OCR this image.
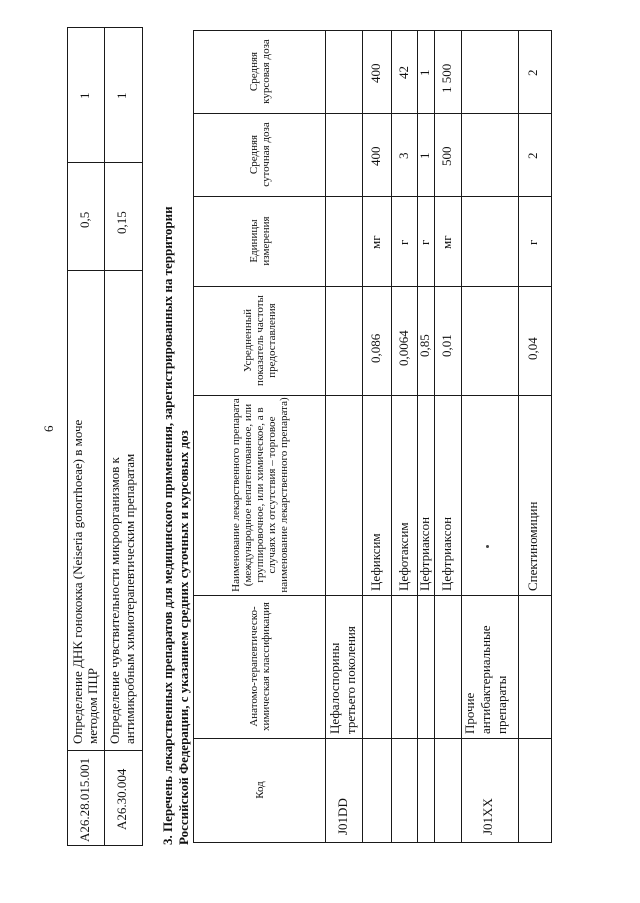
6
A26.28.015.001
Определение ДНК гонококка (Neiseria gonorrhoeae) в моче методом ПЦР
0,5
1
A26.30.004
Определение чувствительности микроорганизмов к антимикробным химиотерапевтическим препаратам
0,15
1
3. Перечень лекарственных препаратов для медицинского применения, зарегистрированных на территории Российской Федерации, с указанием средних суточных и курсовых доз	Код
Анатомо-терапевтическо-химическая классификация
Наименование лекарственного препарата (международное непатентованное, или группировочное, или химическое, а в случаях их отсутствия – торговое наименование лекарственного препарата)
Усредненный показатель частоты предоставления
Единицы измерения
Средняя суточная доза
Средняя курсовая доза
J01DD
Цефалоспорины третьего поколения
Цефиксим
0,086
мг
400
400
Цефотаксим
0,0064
г
3
42
Цефтриаксон
0,85
г
1
1
Цефтриаксон
0,01
мг
500
1 500
J01XX
Прочие антибактериальные препараты
Спектиномицин
0,04
г
2
2
